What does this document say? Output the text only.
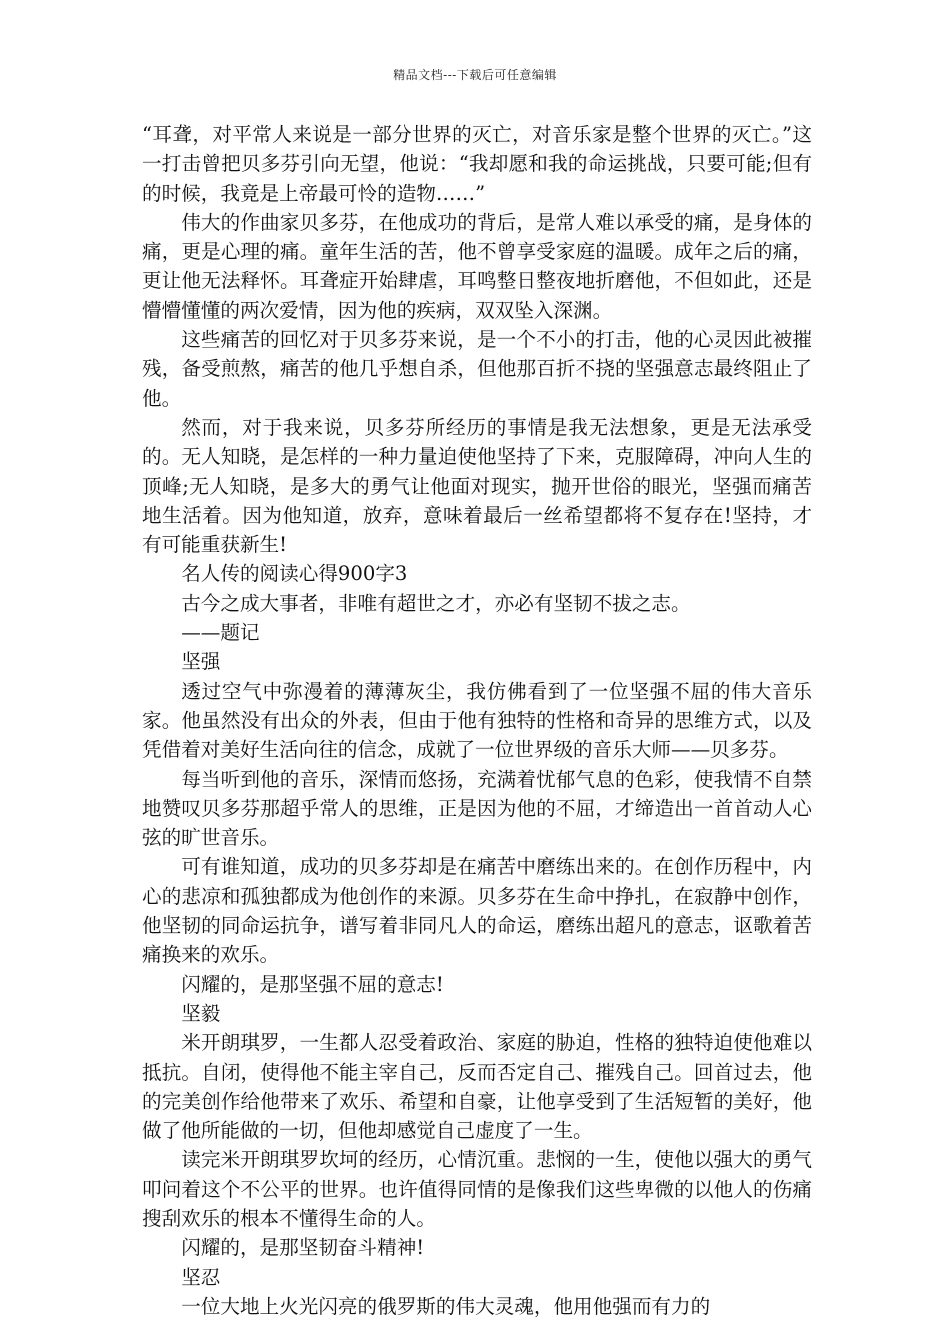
精品文档---下载后可任意编辑

“耳聋，对平常人来说是一部分世界的灭亡，对音乐家是整个世界的灭亡。”这一打击曾把贝多芬引向无望，他说：“我却愿和我的命运挑战，只要可能;但有的时候，我竟是上帝最可怜的造物……”

伟大的作曲家贝多芬，在他成功的背后，是常人难以承受的痛，是身体的痛，更是心理的痛。童年生活的苦，他不曾享受家庭的温暖。成年之后的痛，更让他无法释怀。耳聋症开始肆虐，耳鸣整日整夜地折磨他，不但如此，还是懵懵懂懂的两次爱情，因为他的疾病，双双坠入深渊。

这些痛苦的回忆对于贝多芬来说，是一个不小的打击，他的心灵因此被摧残，备受煎熬，痛苦的他几乎想自杀，但他那百折不挠的坚强意志最终阻止了他。

然而，对于我来说，贝多芬所经历的事情是我无法想象，更是无法承受的。无人知晓，是怎样的一种力量迫使他坚持了下来，克服障碍，冲向人生的顶峰;无人知晓，是多大的勇气让他面对现实，抛开世俗的眼光，坚强而痛苦地生活着。因为他知道，放弃，意味着最后一丝希望都将不复存在!坚持，才有可能重获新生!

名人传的阅读心得900字3

古今之成大事者，非唯有超世之才，亦必有坚韧不拔之志。

——题记

坚强

透过空气中弥漫着的薄薄灰尘，我仿佛看到了一位坚强不屈的伟大音乐家。他虽然没有出众的外表，但由于他有独特的性格和奇异的思维方式，以及凭借着对美好生活向往的信念，成就了一位世界级的音乐大师——贝多芬。

每当听到他的音乐，深情而悠扬，充满着忧郁气息的色彩，使我情不自禁地赞叹贝多芬那超乎常人的思维，正是因为他的不屈，才缔造出一首首动人心弦的旷世音乐。

可有谁知道，成功的贝多芬却是在痛苦中磨练出来的。在创作历程中，内心的悲凉和孤独都成为他创作的来源。贝多芬在生命中挣扎，在寂静中创作，他坚韧的同命运抗争，谱写着非同凡人的命运，磨练出超凡的意志，讴歌着苦痛换来的欢乐。

闪耀的，是那坚强不屈的意志!

坚毅

米开朗琪罗，一生都人忍受着政治、家庭的胁迫，性格的独特迫使他难以抵抗。自闭，使得他不能主宰自己，反而否定自己、摧残自己。回首过去，他的完美创作给他带来了欢乐、希望和自豪，让他享受到了生活短暂的美好，他做了他所能做的一切，但他却感觉自己虚度了一生。

读完米开朗琪罗坎坷的经历，心情沉重。悲悯的一生，使他以强大的勇气叩问着这个不公平的世界。也许值得同情的是像我们这些卑微的以他人的伤痛搜刮欢乐的根本不懂得生命的人。

闪耀的，是那坚韧奋斗精神!

坚忍

一位大地上火光闪亮的俄罗斯的伟大灵魂，他用他强而有力的
